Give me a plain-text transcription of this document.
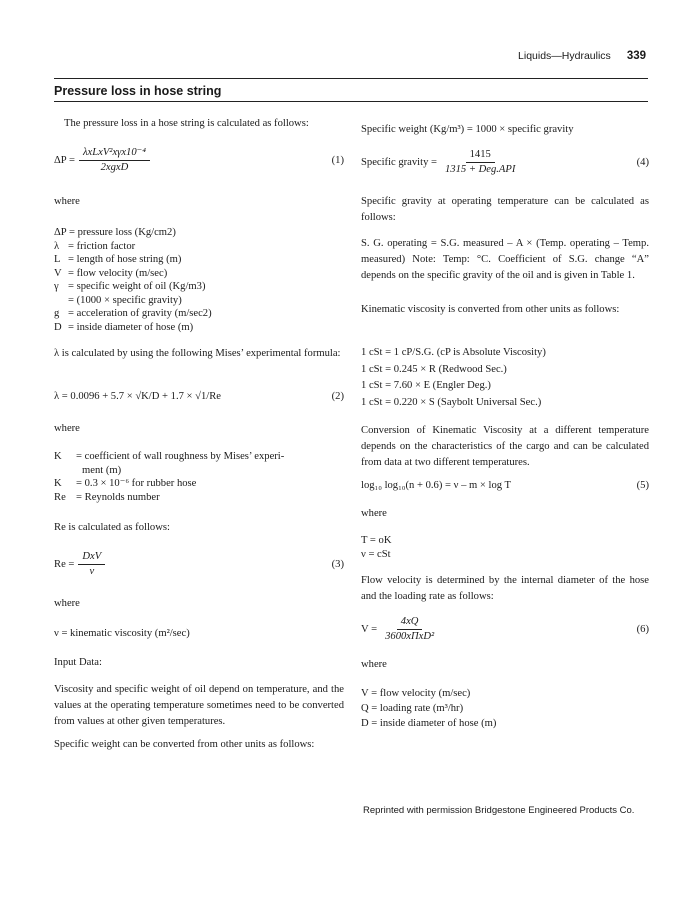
Liquids—Hydraulics 339
Pressure loss in hose string

The pressure loss in a hose string is calculated as follows:

$\Delta P = \frac{\text{λxLxV²xγx10⁻⁴}}{\text{2xgxD}}$	(1)

where

ΔP = pressure loss (Kg/cm2)
λ = friction factor
L = length of hose string (m)
V = flow velocity (m/sec)
γ = specific weight of oil (Kg/m3)
= (1000 × specific gravity)
g = acceleration of gravity (m/sec2)
D = inside diameter of hose (m)

λ is calculated by using the following Mises’ experimental formula:

λ = 0.0096 + 5.7 × √K/D + 1.7 × √1/Re	(2)

where

K	= coefficient of wall roughness by Mises’ experi-
ment (m)
K	= 0.3 × 10⁻⁶ for rubber hose
Re = Reynolds number

Re is calculated as follows:

$Re = \frac{\text{DxV}}{\nu}$	(3)

where

ν = kinematic viscosity (m²/sec)

Input Data:

Viscosity and specific weight of oil depend on temperature, and the values at the operating temperature sometimes need to be converted from values at other given temperatures.

Specific weight can be converted from other units as follows:

Specific weight (Kg/m³) = 1000 × specific gravity

Specific gravity = $\frac{1415}{\text{1315 + Deg.API}}$	(4)

Specific gravity at operating temperature can be calculated as follows:

S. G. operating = S.G. measured – A × (Temp. operating – Temp. measured) Note: Temp: °C. Coefficient of S.G. change “A” depends on the specific gravity of the oil and is given in Table 1.

Kinematic viscosity is converted from other units as follows:

1 cSt = 1 cP/S.G. (cP is Absolute Viscosity)
1 cSt = 0.245 × R (Redwood Sec.)
1 cSt = 7.60 × E (Engler Deg.)
1 cSt = 0.220 × S (Saybolt Universal Sec.)

Conversion of Kinematic Viscosity at a different temperature depends on the characteristics of the cargo and can be calculated from data at two different temperatures.

log₁₀ log₁₀(n + 0.6) = ν – m × log T	(5)

where

T = oK
ν = cSt

Flow velocity is determined by the internal diameter of the hose and the loading rate as follows:

$V = \frac{4xQ}{\text{3600xΠxD²}}$	(6)

where

V = flow velocity (m/sec)
Q = loading rate (m³/hr)
D = inside diameter of hose (m)
Reprinted with permission Bridgestone Engineered Products Co.
